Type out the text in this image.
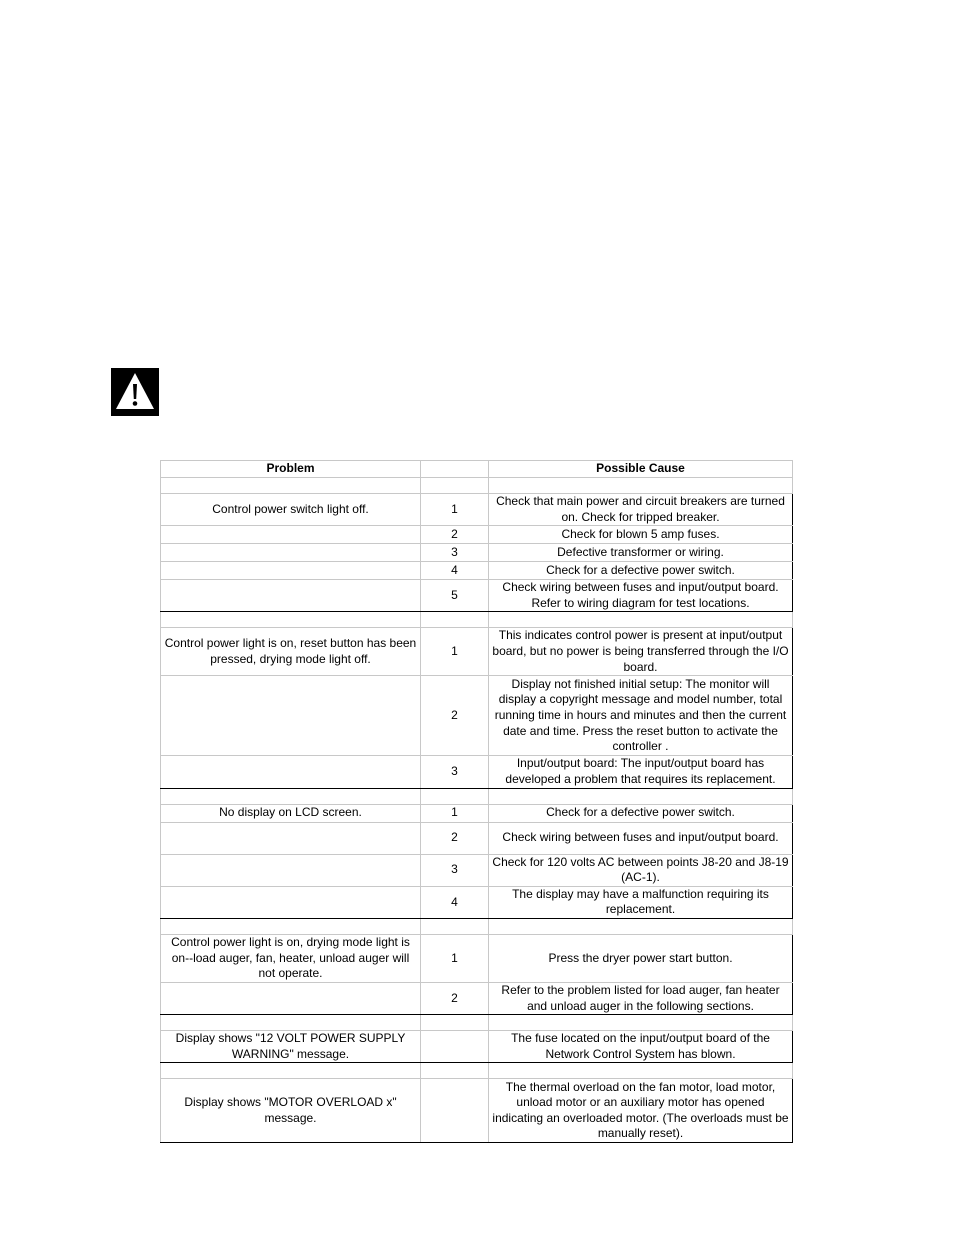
Problem		Possible Cause

Control power switch light off.	1	Check that main power and circuit breakers are turned on. Check for tripped breaker.
	2	Check for blown 5 amp fuses.
	3	Defective transformer or wiring.
	4	Check for a defective power switch.
	5	Check wiring between fuses and input/output board. Refer to wiring diagram for test locations.

Control power light is on, reset button has been pressed, drying mode light off.	1	This indicates control power is present at input/output board, but no power is being transferred through the I/O board.
	2	Display not finished initial setup: The monitor will display a copyright message and model number, total running time in hours and minutes and then the current date and time. Press the reset button to activate the controller .
	3	Input/output board: The input/output board has developed a problem that requires its replacement.

No display on LCD screen.	1	Check for a defective power switch.
	2	Check wiring between fuses and input/output board.
	3	Check for 120 volts AC between points J8-20 and J8-19 (AC-1).
	4	The display may have a malfunction requiring its replacement.

Control power light is on, drying mode light is on--load auger, fan, heater, unload auger will not operate.	1	Press the dryer power start button.
	2	Refer to the problem listed for load auger, fan heater and unload auger in the following sections.

Display shows "12 VOLT POWER SUPPLY WARNING" message.		The fuse located on the input/output board of the Network Control System has blown.

Display shows "MOTOR OVERLOAD x" message.		The thermal overload on the fan motor, load motor, unload motor or an auxiliary motor has opened indicating an overloaded motor. (The overloads must be manually reset).
